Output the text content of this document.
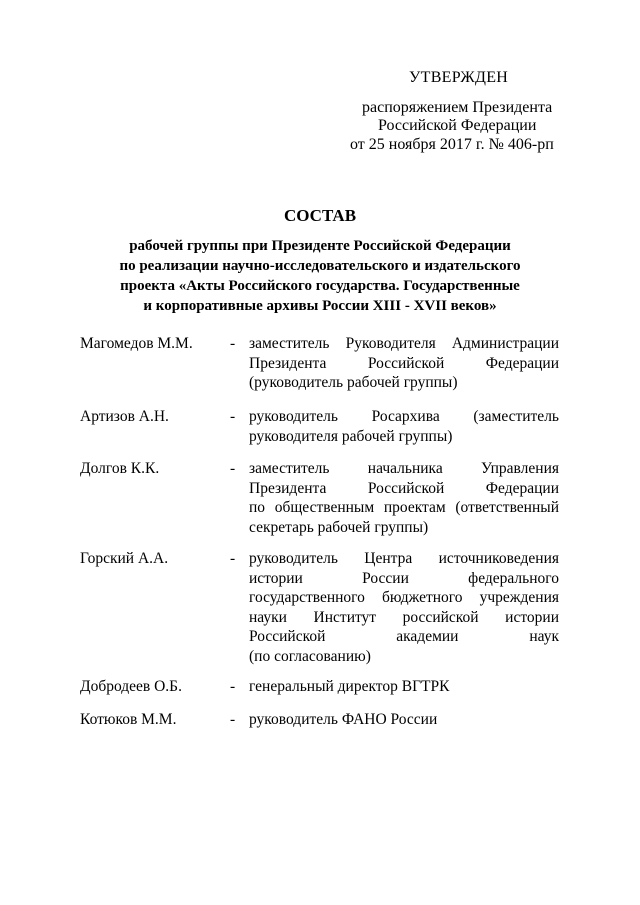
УТВЕРЖДЕН
распоряжением Президента
Российской Федерации
от 25 ноября 2017 г. № 406-рп
СОСТАВ
рабочей группы при Президенте Российской Федерации
по реализации научно-исследовательского и издательского
проекта «Акты Российского государства. Государственные
и корпоративные архивы России XIII - XVII веков»
Магомедов М.М. - заместитель Руководителя Администрации
Президента Российской Федерации
(руководитель рабочей группы)
Артизов А.Н.	- руководитель Росархива (заместитель
руководителя рабочей группы)
Долгов К.К.	- заместитель начальника Управления
Президента Российской Федерации
по общественным проектам (ответственный
секретарь рабочей группы)
Горский А.А.	- руководитель Центра источниковедения
истории России федерального
государственного бюджетного учреждения
науки Институт российской истории
Российской академии наук
(по согласованию)
Добродеев О.Б.	- генеральный директор ВГТРК
Котюков М.М.	- руководитель ФАНО России
